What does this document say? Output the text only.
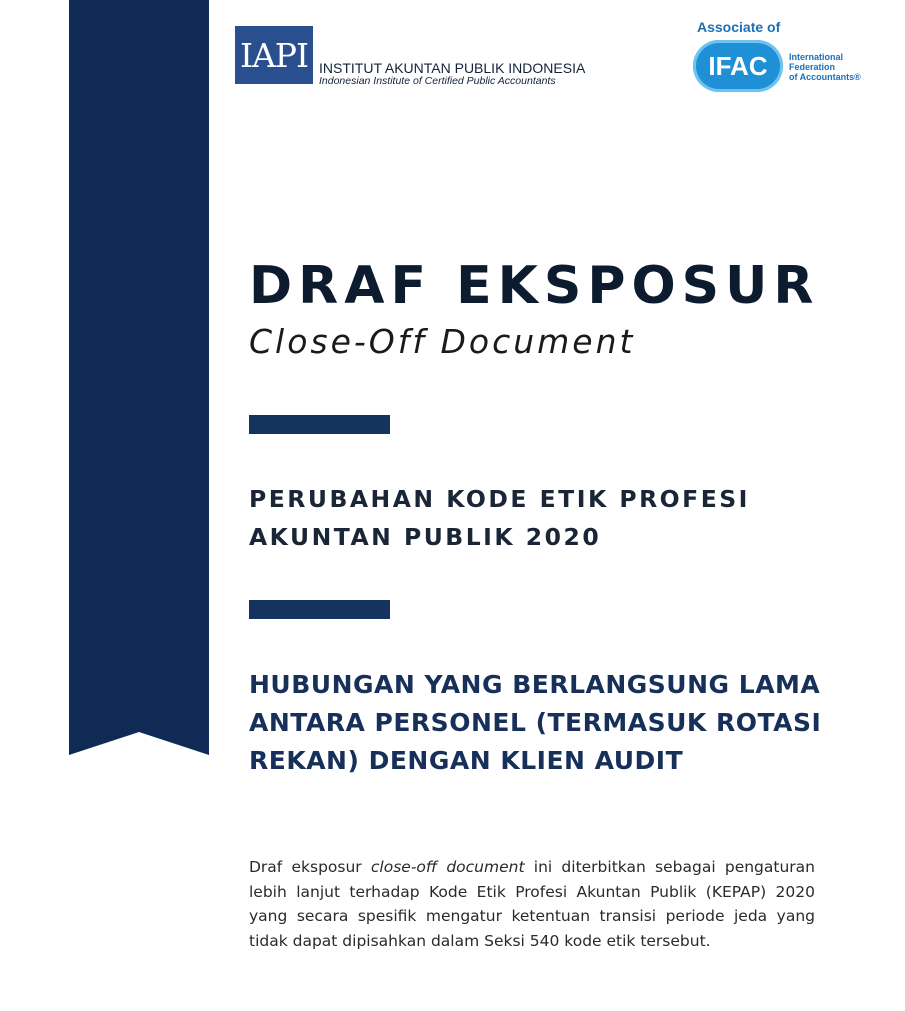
IAPI INSTITUT AKUNTAN PUBLIK INDONESIA
Indonesian Institute of Certified Public Accountants
Associate of
IFAC International
Federation
of Accountants®
DRAF EKSPOSUR
Close-Off Document
PERUBAHAN KODE ETIK PROFESI
AKUNTAN PUBLIK 2020
HUBUNGAN YANG BERLANGSUNG LAMA
ANTARA PERSONEL (TERMASUK ROTASI
REKAN) DENGAN KLIEN AUDIT
Draf eksposur close-off document ini diterbitkan sebagai pengaturan lebih lanjut terhadap Kode Etik Profesi Akuntan Publik (KEPAP) 2020 yang secara spesifik mengatur ketentuan transisi periode jeda yang tidak dapat dipisahkan dalam Seksi 540 kode etik tersebut.
